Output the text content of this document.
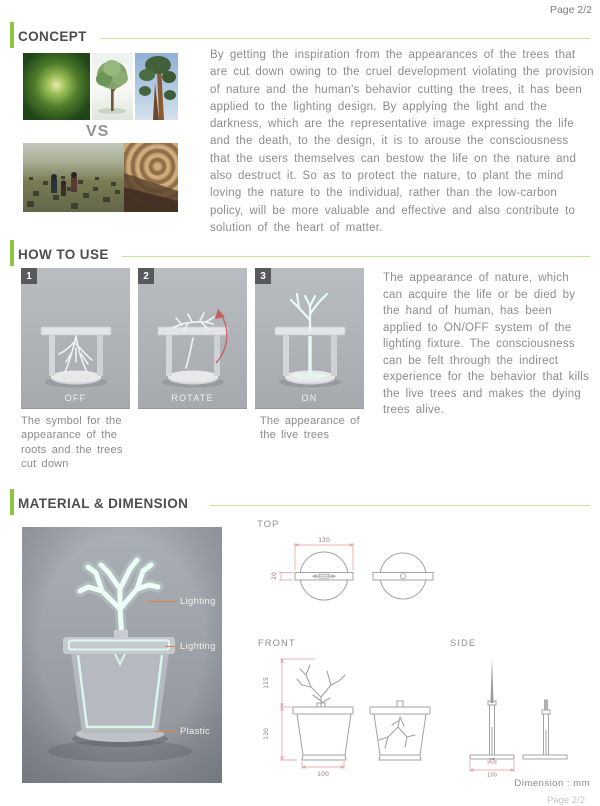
Page 2/2
CONCEPT
VS
By getting the inspiration from the appearances of the trees that are cut down owing to the cruel development violating the provision of nature and the human's behavior cutting the trees, it has been applied to the lighting design. By applying the light and the darkness, which are the representative image expressing the life and the death, to the design, it is to arouse the consciousness that the users themselves can bestow the life on the nature and also destruct it. So as to protect the nature, to plant the mind loving the nature to the individual, rather than the low-carbon policy, will be more valuable and effective and also contribute to solution of the heart of matter.
HOW TO USE
1
OFF
2
ROTATE
3
ON
The symbol for the appearance of the roots and the trees cut down
The appearance of the live trees
The appearance of nature, which can acquire the life or be died by the hand of human, has been applied to ON/OFF system of the lighting fixture. The consciousness can be felt through the indirect experience for the behavior that kills the live trees and makes the dying trees alive.
MATERIAL & DIMENSION
Lighting
Lighting
Plastic
TOP
130
20
FRONT
115
130
100
SIDE
25
100
Dimension : mm
Page 2/2
